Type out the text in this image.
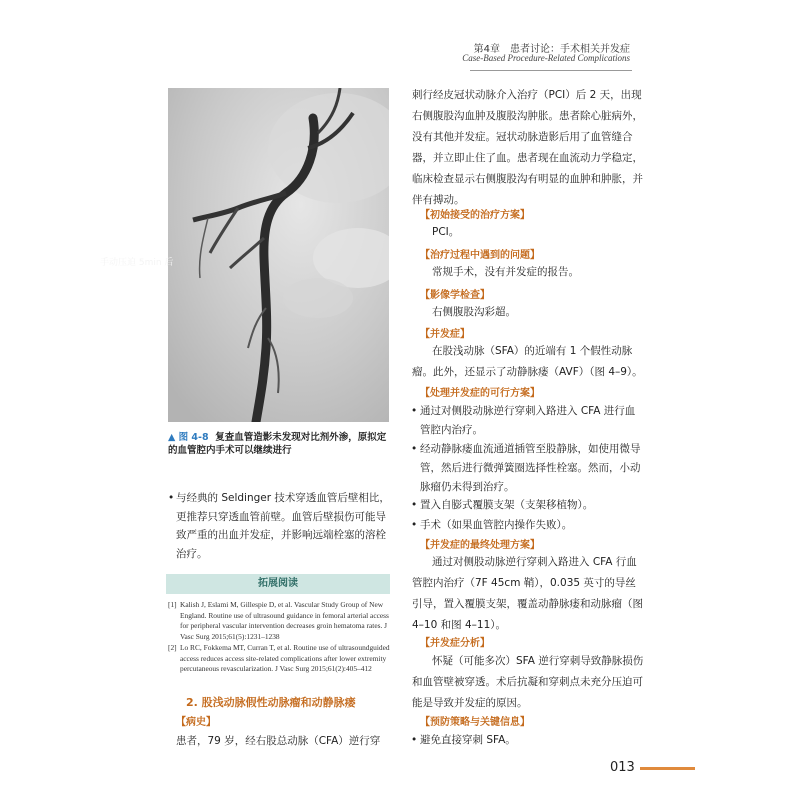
第4章　患者讨论：手术相关并发症
Case-Based Procedure-Related Complications
手动压迫 5min 后
▲ 图 4-8 复查血管造影未发现对比剂外渗，原拟定的血管腔内手术可以继续进行
• 与经典的 Seldinger 技术穿透血管后壁相比，更推荐只穿透血管前壁。血管后壁损伤可能导致严重的出血并发症，并影响远端栓塞的溶栓治疗。
拓展阅读
[1] Kalish J, Eslami M, Gillespie D, et al. Vascular Study Group of New England. Routine use of ultrasound guidance in femoral arterial access for peripheral vascular intervention decreases groin hematoma rates. J Vasc Surg 2015;61(5):1231–1238
[2] Lo RC, Fokkema MT, Curran T, et al. Routine use of ultrasoundguided access reduces access site-related complications after lower extremity percutaneous revascularization. J Vasc Surg 2015;61(2):405–412
2. 股浅动脉假性动脉瘤和动静脉瘘
【病史】
患者，79 岁，经右股总动脉（CFA）逆行穿
刺行经皮冠状动脉介入治疗（PCI）后 2 天，出现右侧腹股沟血肿及腹股沟肿胀。患者除心脏病外，没有其他并发症。冠状动脉造影后用了血管缝合器，并立即止住了血。患者现在血流动力学稳定，临床检查显示右侧腹股沟有明显的血肿和肿胀，并伴有搏动。
【初始接受的治疗方案】
PCI。
【治疗过程中遇到的问题】
常规手术，没有并发症的报告。
【影像学检查】
右侧腹股沟彩超。
【并发症】
在股浅动脉（SFA）的近端有 1 个假性动脉瘤。此外，还显示了动静脉瘘（AVF）（图 4–9）。
【处理并发症的可行方案】
• 通过对侧股动脉逆行穿刺入路进入 CFA 进行血管腔内治疗。
• 经动静脉瘘血流通道插管至股静脉，如使用微导管，然后进行微弹簧圈选择性栓塞。然而，小动脉瘤仍未得到治疗。
• 置入自膨式覆膜支架（支架移植物）。
• 手术（如果血管腔内操作失败）。
【并发症的最终处理方案】
通过对侧股动脉逆行穿刺入路进入 CFA 行血管腔内治疗（7F 45cm 鞘），0.035 英寸的导丝引导，置入覆膜支架，覆盖动静脉瘘和动脉瘤（图 4–10 和图 4–11）。
【并发症分析】
怀疑（可能多次）SFA 逆行穿刺导致静脉损伤和血管壁被穿透。术后抗凝和穿刺点未充分压迫可能是导致并发症的原因。
【预防策略与关键信息】
• 避免直接穿刺 SFA。
013
